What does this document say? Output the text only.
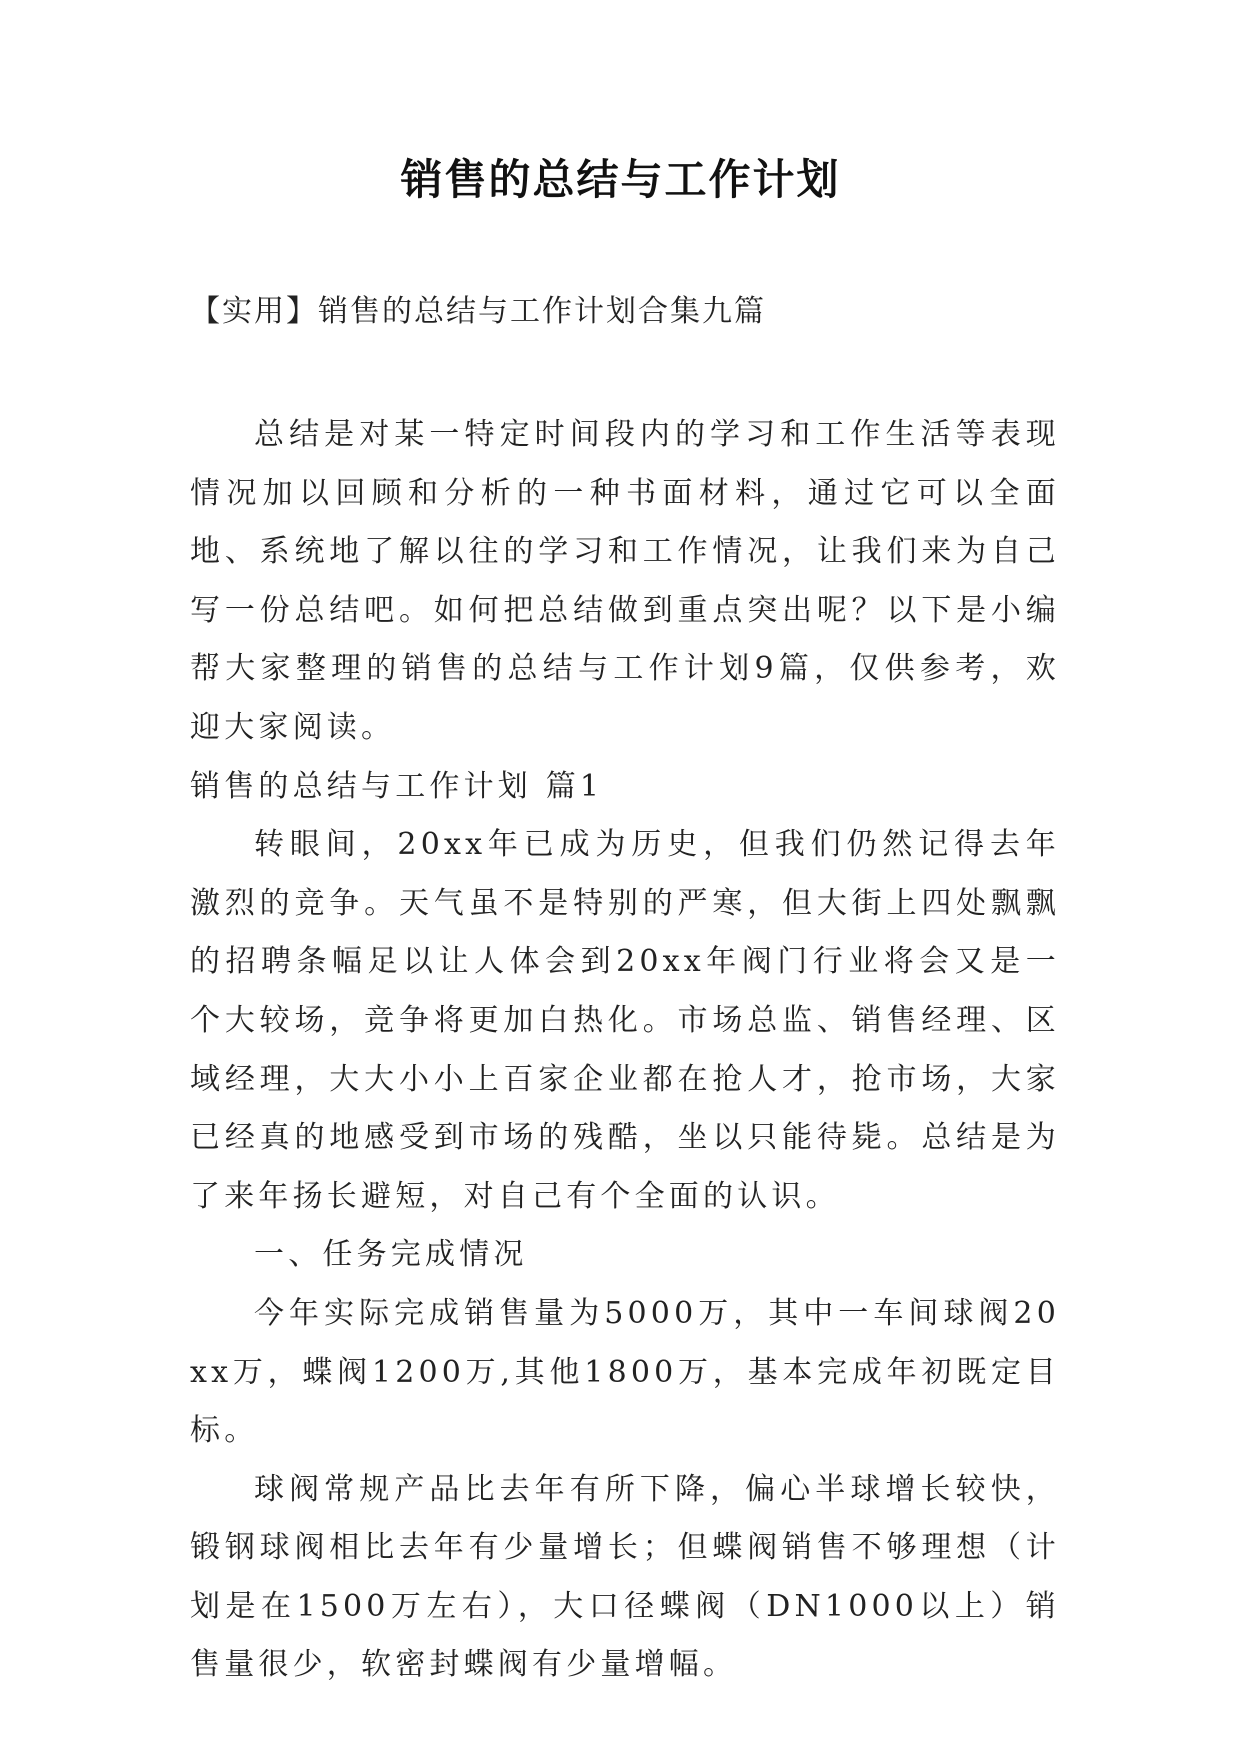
销售的总结与工作计划
【实用】销售的总结与工作计划合集九篇

总结是对某一特定时间段内的学习和工作生活等表现情况加以回顾和分析的一种书面材料，通过它可以全面地、系统地了解以往的学习和工作情况，让我们来为自己写一份总结吧。如何把总结做到重点突出呢？以下是小编帮大家整理的销售的总结与工作计划9篇，仅供参考，欢迎大家阅读。

销售的总结与工作计划 篇1

转眼间，20xx年已成为历史，但我们仍然记得去年激烈的竞争。天气虽不是特别的严寒，但大街上四处飘飘的招聘条幅足以让人体会到20xx年阀门行业将会又是一个大较场，竞争将更加白热化。市场总监、销售经理、区域经理，大大小小上百家企业都在抢人才，抢市场，大家已经真的地感受到市场的残酷，坐以只能待毙。总结是为了来年扬长避短，对自己有个全面的认识。

一、任务完成情况

今年实际完成销售量为5000万，其中一车间球阀20xx万，蝶阀1200万,其他1800万，基本完成年初既定目标。

球阀常规产品比去年有所下降，偏心半球增长较快，锻钢球阀相比去年有少量增长；但蝶阀销售不够理想（计划是在1500万左右），大口径蝶阀（DN1000以上）销售量很少，软密封蝶阀有少量增幅。
